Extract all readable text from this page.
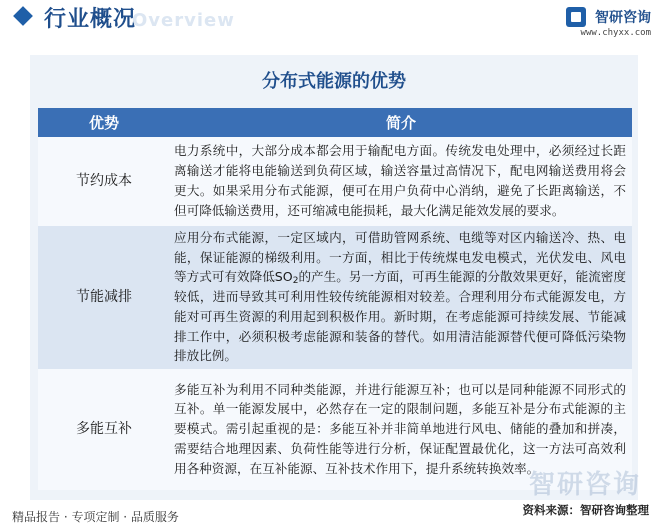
行业概况
Overview	智研咨询
www.chyxx.com
分布式能源的优势
优势	简介
节约成本	电力系统中，大部分成本都会用于输配电方面。传统发电处理中，必须经过长距离输送才能将电能输送到负荷区域，输送容量过高情况下，配电网输送费用将会更大。如果采用分布式能源，便可在用户负荷中心消纳，避免了长距离输送，不但可降低输送费用，还可缩减电能损耗，最大化满足能效发展的要求。
节能减排	应用分布式能源，一定区域内，可借助管网系统、电缆等对区内输送冷、热、电能，保证能源的梯级利用。一方面，相比于传统煤电发电模式，光伏发电、风电等方式可有效降低$SO_2$的产生。另一方面，可再生能源的分散效果更好，能流密度较低，进而导致其可利用性较传统能源相对较差。合理利用分布式能源发电，方能对可再生资源的利用起到积极作用。新时期，在考虑能源可持续发展、节能减排工作中，必须积极考虑能源和装备的替代。如用清洁能源替代便可降低污染物排放比例。
多能互补	多能互补为利用不同种类能源，并进行能源互补；也可以是同种能源不同形式的互补。单一能源发展中，必然存在一定的限制问题，多能互补是分布式能源的主要模式。需引起重视的是：多能互补并非简单地进行风电、储能的叠加和拼凑，需要结合地理因素、负荷性能等进行分析，保证配置最优化，这一方法可高效利用各种资源，在互补能源、互补技术作用下，提升系统转换效率。
智研咨询
精品报告 · 专项定制 · 品质服务	资料来源：智研咨询整理
